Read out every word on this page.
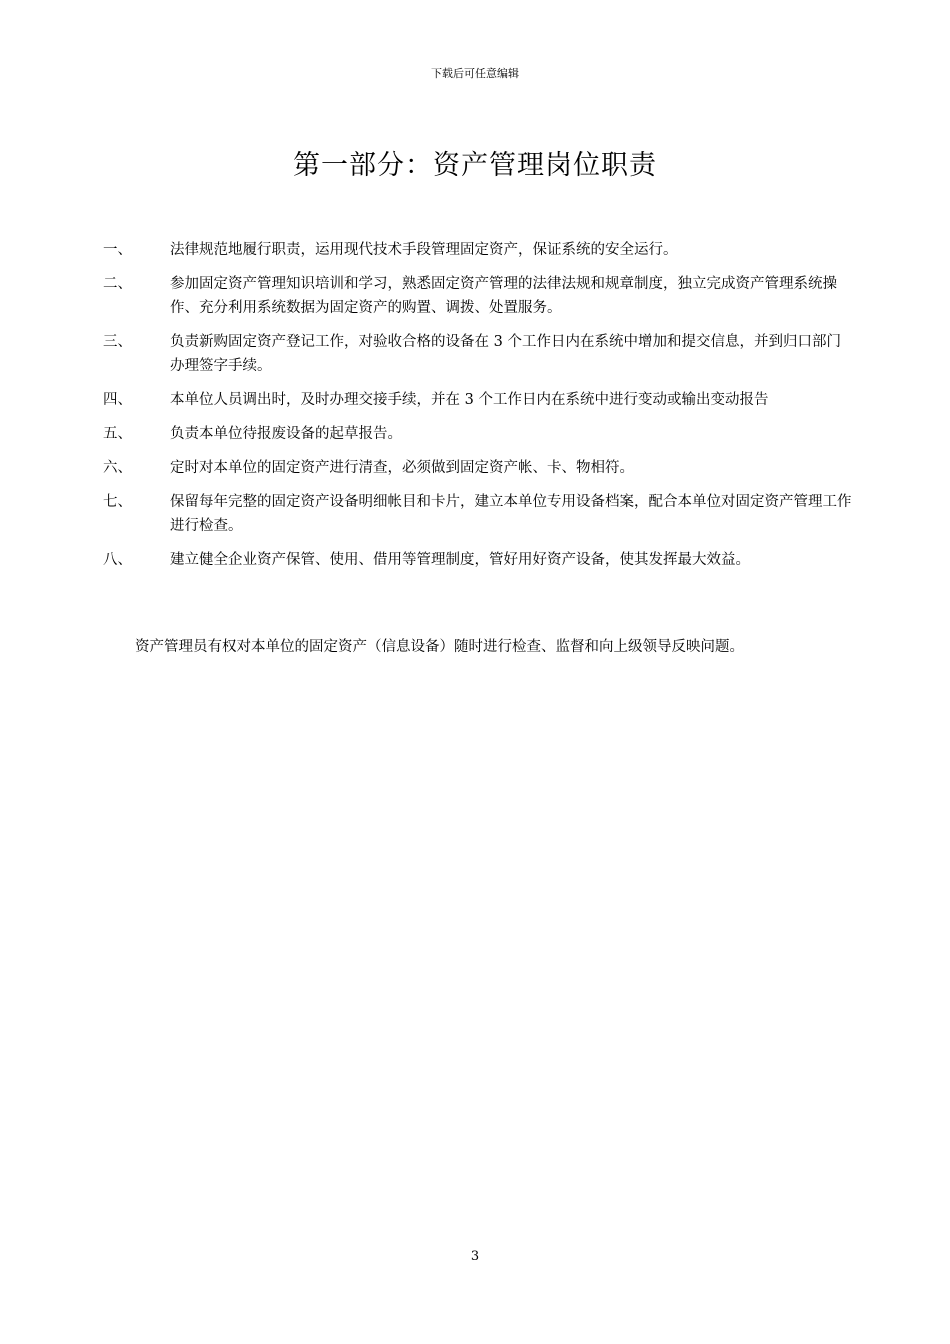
下载后可任意编辑
第一部分：资产管理岗位职责
一、	法律规范地履行职责，运用现代技术手段管理固定资产，保证系统的安全运行。
二、	参加固定资产管理知识培训和学习，熟悉固定资产管理的法律法规和规章制度，独立完成资产管理系统操作、充分利用系统数据为固定资产的购置、调拨、处置服务。
三、	负责新购固定资产登记工作，对验收合格的设备在 3 个工作日内在系统中增加和提交信息，并到归口部门办理签字手续。
四、	本单位人员调出时，及时办理交接手续，并在 3 个工作日内在系统中进行变动或输出变动报告
五、	负责本单位待报废设备的起草报告。
六、	定时对本单位的固定资产进行清查，必须做到固定资产帐、卡、物相符。
七、	保留每年完整的固定资产设备明细帐目和卡片，建立本单位专用设备档案，配合本单位对固定资产管理工作进行检查。
八、	建立健全企业资产保管、使用、借用等管理制度，管好用好资产设备，使其发挥最大效益。

资产管理员有权对本单位的固定资产（信息设备）随时进行检查、监督和向上级领导反映问题。

3
